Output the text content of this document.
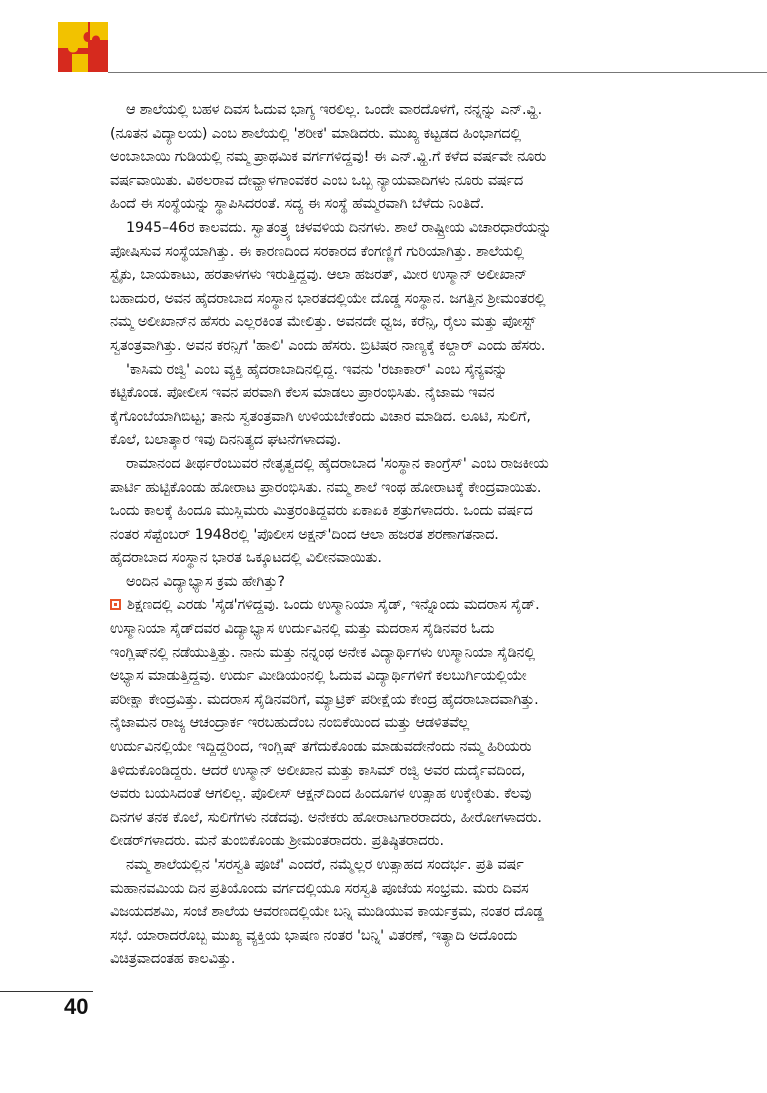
ಆ ಶಾಲೆಯಲ್ಲಿ ಬಹಳ ದಿವಸ ಓದುವ ಭಾಗ್ಯ ಇರಲಿಲ್ಲ. ಒಂದೇ ವಾರದೊಳಗೆ, ನನ್ನನ್ನು ಎನ್.ವ್ಹಿ.
(ನೂತನ ವಿದ್ಯಾಲಯ) ಎಂಬ ಶಾಲೆಯಲ್ಲಿ 'ಶರೀಕ' ಮಾಡಿದರು. ಮುಖ್ಯ ಕಟ್ಟಡದ ಹಿಂಭಾಗದಲ್ಲಿ
ಅಂಬಾಬಾಯಿ ಗುಡಿಯಲ್ಲಿ ನಮ್ಮ ಪ್ರಾಥಮಿಕ ವರ್ಗಗಳಿದ್ದವು! ಈ ಎನ್.ವ್ಹಿ.ಗೆ ಕಳೆದ ವರ್ಷವೇ ನೂರು
ವರ್ಷವಾಯಿತು. ವಿಠಲರಾವ ದೇವ್ಹಾಳಗಾಂವಕರ ಎಂಬ ಒಬ್ಬ ನ್ಯಾಯವಾದಿಗಳು ನೂರು ವರ್ಷದ
ಹಿಂದೆ ಈ ಸಂಸ್ಥೆಯನ್ನು ಸ್ಥಾಪಿಸಿದರಂತೆ. ಸದ್ಯ ಈ ಸಂಸ್ಥೆ ಹೆಮ್ಮರವಾಗಿ ಬೆಳೆದು ನಿಂತಿದೆ.
1945–46ರ ಕಾಲವದು. ಸ್ವಾತಂತ್ರ್ಯ ಚಳವಳಿಯ ದಿನಗಳು. ಶಾಲೆ ರಾಷ್ಟ್ರೀಯ ವಿಚಾರಧಾರೆಯನ್ನು
ಪೋಷಿಸುವ ಸಂಸ್ಥೆಯಾಗಿತ್ತು. ಈ ಕಾರಣದಿಂದ ಸರಕಾರದ ಕೆಂಗಣ್ಣಿಗೆ ಗುರಿಯಾಗಿತ್ತು. ಶಾಲೆಯಲ್ಲಿ
ಸ್ಟೈಕು, ಬಾಯಕಾಟು, ಹರತಾಳಗಳು ಇರುತ್ತಿದ್ದವು. ಆಲಾ ಹಜರತ್, ಮೀರ ಉಸ್ಮಾನ್ ಅಲೀಖಾನ್
ಬಹಾದುರ, ಅವನ ಹೈದರಾಬಾದ ಸಂಸ್ಥಾನ ಭಾರತದಲ್ಲಿಯೇ ದೊಡ್ಡ ಸಂಸ್ಥಾನ. ಜಗತ್ತಿನ ಶ್ರೀಮಂತರಲ್ಲಿ
ನಮ್ಮ ಅಲೀಖಾನ್‌ನ ಹೆಸರು ಎಲ್ಲರಕಿಂತ ಮೇಲಿತ್ತು. ಅವನದೇ ಧ್ವಜ, ಕರೆನ್ಸಿ, ರೈಲು ಮತ್ತು ಪೋಸ್ಟ್
ಸ್ವತಂತ್ರವಾಗಿತ್ತು. ಅವನ ಕರನ್ಸಿಗೆ 'ಹಾಲಿ' ಎಂದು ಹೆಸರು. ಬ್ರಿಟಿಷರ ನಾಣ್ಯಕ್ಕೆ ಕಲ್ದಾರ್ ಎಂದು ಹೆಸರು.
'ಕಾಸಿಮ ರಜ್ವಿ' ಎಂಬ ವ್ಯಕ್ತಿ ಹೈದರಾಬಾದಿನಲ್ಲಿದ್ದ. ಇವನು 'ರಜಾಕಾರ್' ಎಂಬ ಸೈನ್ಯವನ್ನು
ಕಟ್ಟಿಕೊಂಡ. ಪೋಲೀಸ ಇವನ ಪರವಾಗಿ ಕೆಲಸ ಮಾಡಲು ಪ್ರಾರಂಭಿಸಿತು. ನೈಜಾಮ ಇವನ
ಕೈಗೊಂಬೆಯಾಗಿಬಿಟ್ಟ; ತಾನು ಸ್ವತಂತ್ರವಾಗಿ ಉಳಿಯಬೇಕೆಂದು ವಿಚಾರ ಮಾಡಿದ. ಲೂಟಿ, ಸುಲಿಗೆ,
ಕೊಲೆ, ಬಲಾತ್ಕಾರ ಇವು ದಿನನಿತ್ಯದ ಘಟನೆಗಳಾದವು.
ರಾಮಾನಂದ ತೀರ್ಥರೆಂಬುವರ ನೇತೃತ್ವದಲ್ಲಿ ಹೈದರಾಬಾದ 'ಸಂಸ್ಥಾನ ಕಾಂಗ್ರೆಸ್' ಎಂಬ ರಾಜಕೀಯ
ಪಾರ್ಟಿ ಹುಟ್ಟಿಕೊಂಡು ಹೋರಾಟ ಪ್ರಾರಂಭಿಸಿತು. ನಮ್ಮ ಶಾಲೆ ಇಂಥ ಹೋರಾಟಕ್ಕೆ ಕೇಂದ್ರವಾಯಿತು.
ಒಂದು ಕಾಲಕ್ಕೆ ಹಿಂದೂ ಮುಸ್ಲಿಮರು ಮಿತ್ರರಂತಿದ್ದವರು ಏಕಾಏಕಿ ಶತ್ರುಗಳಾದರು. ಒಂದು ವರ್ಷದ
ನಂತರ ಸೆಪ್ಟೆಂಬರ್ 1948ರಲ್ಲಿ 'ಪೊಲೀಸ ಅಕ್ಷನ್'ದಿಂದ ಆಲಾ ಹಜರತ ಶರಣಾಗತನಾದ.
ಹೈದರಾಬಾದ ಸಂಸ್ಥಾನ ಭಾರತ ಒಕ್ಕೂಟದಲ್ಲಿ ವಿಲೀನವಾಯಿತು.
ಅಂದಿನ ವಿದ್ಯಾಭ್ಯಾಸ ಕ್ರಮ ಹೇಗಿತ್ತು?
ಶಿಕ್ಷಣದಲ್ಲಿ ಎರಡು 'ಸೈಡ'ಗಳಿದ್ದವು. ಒಂದು ಉಸ್ಮಾನಿಯಾ ಸೈಡ್, ಇನ್ನೊಂದು ಮದರಾಸ ಸೈಡ್.
ಉಸ್ಮಾನಿಯಾ ಸೈಡ್‌ದವರ ವಿದ್ಯಾಭ್ಯಾಸ ಉರ್ದುವಿನಲ್ಲಿ ಮತ್ತು ಮದರಾಸ ಸೈಡಿನವರ ಓದು
ಇಂಗ್ಲಿಷ್‌ನಲ್ಲಿ ನಡೆಯುತ್ತಿತ್ತು. ನಾನು ಮತ್ತು ನನ್ನಂಥ ಅನೇಕ ವಿದ್ಯಾರ್ಥಿಗಳು ಉಸ್ಮಾನಿಯಾ ಸೈಡಿನಲ್ಲಿ
ಅಭ್ಯಾಸ ಮಾಡುತ್ತಿದ್ದವು. ಉರ್ದು ಮೀಡಿಯಂನಲ್ಲಿ ಓದುವ ವಿದ್ಯಾರ್ಥಿಗಳಿಗೆ ಕಲಬುರ್ಗಿಯಲ್ಲಿಯೇ
ಪರೀಕ್ಷಾ ಕೇಂದ್ರವಿತ್ತು. ಮದರಾಸ ಸೈಡಿನವರಿಗೆ, ಮ್ಯಾಟ್ರಿಕ್ ಪರೀಕ್ಷೆಯ ಕೇಂದ್ರ ಹೈದರಾಬಾದವಾಗಿತ್ತು.
ನೈಜಾಮನ ರಾಜ್ಯ ಆಚಂದ್ರಾರ್ಕ ಇರಬಹುದೆಂಬ ನಂಬಿಕೆಯಿಂದ ಮತ್ತು ಆಡಳಿತವೆಲ್ಲ
ಉರ್ದುವಿನಲ್ಲಿಯೇ ಇದ್ದಿದ್ದರಿಂದ, ಇಂಗ್ಲಿಷ್ ತಗೆದುಕೊಂಡು ಮಾಡುವದೇನೆಂದು ನಮ್ಮ ಹಿರಿಯರು
ತಿಳಿದುಕೊಂಡಿದ್ದರು. ಆದರೆ ಉಸ್ಮಾನ್ ಅಲೀಖಾನ ಮತ್ತು ಕಾಸಿಮ್ ರಜ್ವಿ ಅವರ ದುರ್ದೈವದಿಂದ,
ಅವರು ಬಯಸಿದಂತೆ ಆಗಲಿಲ್ಲ. ಪೊಲೀಸ್ ಆಕ್ಷನ್‌ದಿಂದ ಹಿಂದೂಗಳ ಉತ್ಸಾಹ ಉಕ್ಕೇರಿತು. ಕೆಲವು
ದಿನಗಳ ತನಕ ಕೊಲೆ, ಸುಲಿಗೆಗಳು ನಡೆದವು. ಅನೇಕರು ಹೋರಾಟಗಾರರಾದರು, ಹೀರೋಗಳಾದರು.
ಲೀಡರ್‌ಗಳಾದರು. ಮನೆ ತುಂಬಿಕೊಂಡು ಶ್ರೀಮಂತರಾದರು. ಪ್ರತಿಷ್ಠಿತರಾದರು.
ನಮ್ಮ ಶಾಲೆಯಲ್ಲಿನ 'ಸರಸ್ವತಿ ಪೂಜೆ' ಎಂದರೆ, ನಮ್ಮೆಲ್ಲರ ಉತ್ಸಾಹದ ಸಂದರ್ಭ. ಪ್ರತಿ ವರ್ಷ
ಮಹಾನವಮಿಯ ದಿನ ಪ್ರತಿಯೊಂದು ವರ್ಗದಲ್ಲಿಯೂ ಸರಸ್ವತಿ ಪೂಜೆಯ ಸಂಭ್ರಮ. ಮರು ದಿವಸ
ವಿಜಯದಶಮಿ, ಸಂಜೆ ಶಾಲೆಯ ಆವರಣದಲ್ಲಿಯೇ ಬನ್ನಿ ಮುಡಿಯುವ ಕಾರ್ಯಕ್ರಮ, ನಂತರ ದೊಡ್ಡ
ಸಭೆ. ಯಾರಾದರೊಬ್ಬ ಮುಖ್ಯ ವ್ಯಕ್ತಿಯ ಭಾಷಣ ನಂತರ 'ಬನ್ನಿ' ವಿತರಣೆ, ಇತ್ಯಾದಿ ಅದೊಂದು
ವಿಚಿತ್ರವಾದಂತಹ ಕಾಲವಿತ್ತು.
40
